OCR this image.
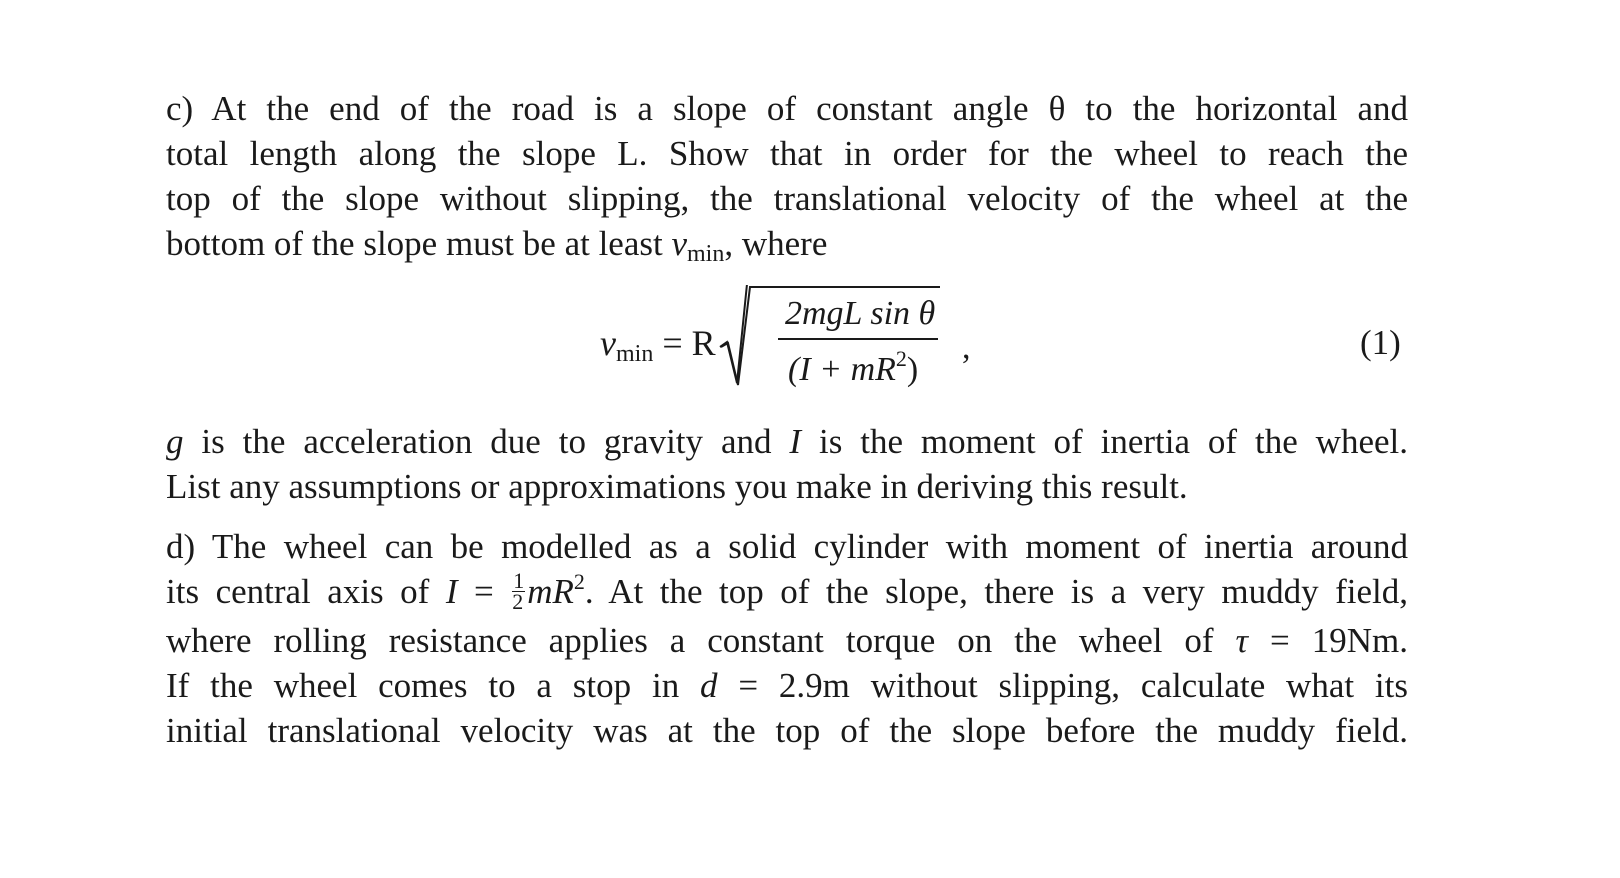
c) At the end of the road is a slope of constant angle θ to the horizontal and
total length along the slope L. Show that in order for the wheel to reach the
top of the slope without slipping, the translational velocity of the wheel at the
bottom of the slope must be at least vmin, where
vmin = R
2mgL sin θ
$(I + mR^2)$
,	(1)
g is the acceleration due to gravity and I is the moment of inertia of the wheel.
List any assumptions or approximations you make in deriving this result.
d) The wheel can be modelled as a solid cylinder with moment of inertia around
its central axis of $I = \frac{1}{2} mR^2$. At the top of the slope, there is a very muddy field,
where rolling resistance applies a constant torque on the wheel of τ = 19Nm.
If the wheel comes to a stop in d = 2.9m without slipping, calculate what its
initial translational velocity was at the top of the slope before the muddy field.
